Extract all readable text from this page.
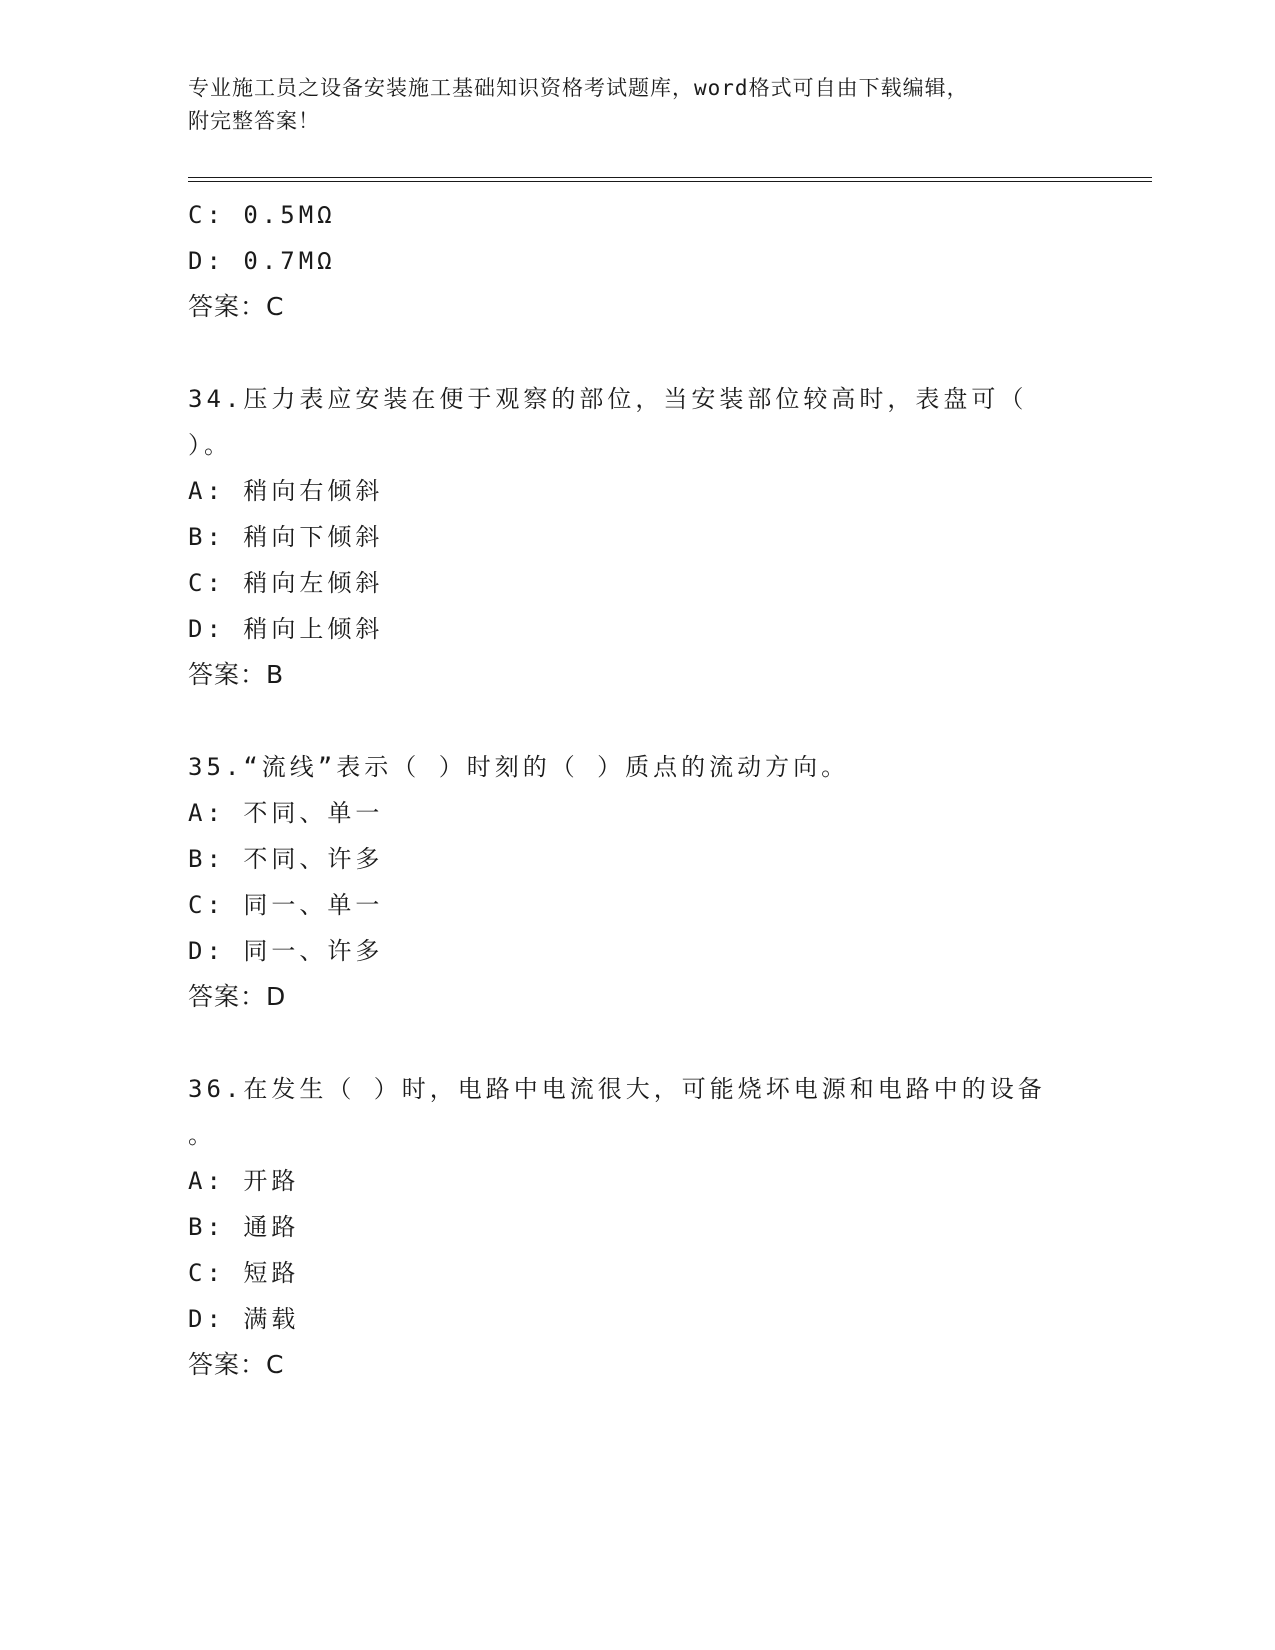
专业施工员之设备安装施工基础知识资格考试题库，word格式可自由下载编辑，
附完整答案！
C: 0.5MΩ
D: 0.7MΩ
答案：C
34.压力表应安装在便于观察的部位，当安装部位较高时，表盘可（
）。
A: 稍向右倾斜
B: 稍向下倾斜
C: 稍向左倾斜
D: 稍向上倾斜
答案：B
35.“流线”表示（ ）时刻的（ ）质点的流动方向。
A: 不同、单一
B: 不同、许多
C: 同一、单一
D: 同一、许多
答案：D
36.在发生（ ）时，电路中电流很大，可能烧坏电源和电路中的设备
。
A: 开路
B: 通路
C: 短路
D: 满载
答案：C
